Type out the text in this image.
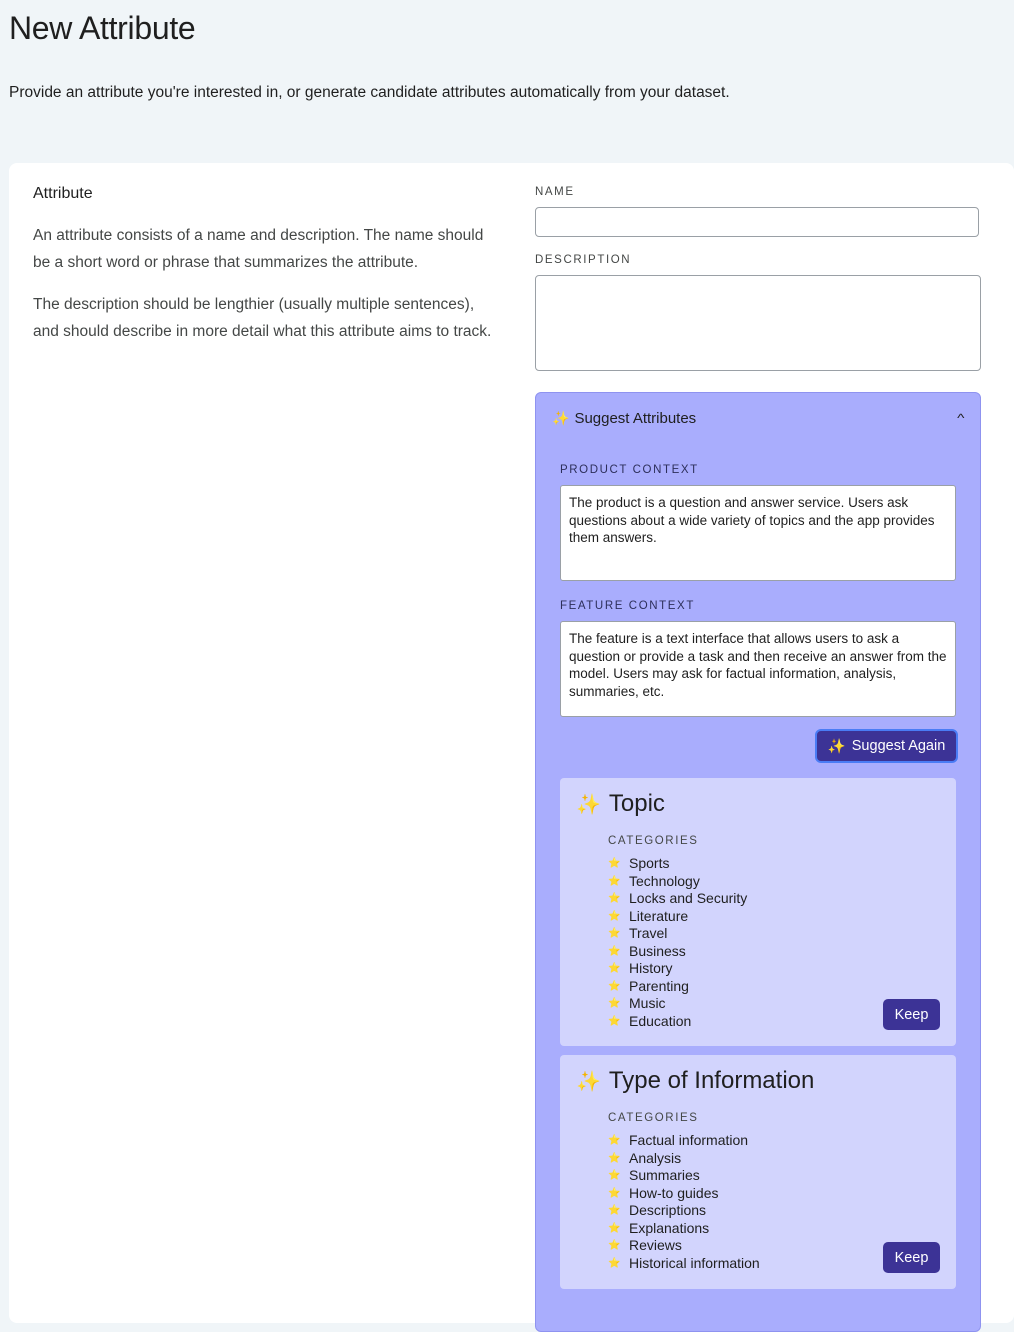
New Attribute

Provide an attribute you're interested in, or generate candidate attributes automatically from your dataset.

Attribute

An attribute consists of a name and description. The name should be a short word or phrase that summarizes the attribute.

The description should be lengthier (usually multiple sentences), and should describe in more detail what this attribute aims to track.

NAME
DESCRIPTION
✨ Suggest Attributes	^
PRODUCT CONTEXT
The product is a question and answer service. Users ask questions about a wide variety of topics and the app provides them answers.
FEATURE CONTEXT
The feature is a text interface that allows users to ask a question or provide a task and then receive an answer from the model. Users may ask for factual information, analysis, summaries, etc.
✨ Suggest Again
✨ Topic
CATEGORIES
⭐ Sports
⭐ Technology
⭐ Locks and Security
⭐ Literature
⭐ Travel
⭐ Business
⭐ History
⭐ Parenting
⭐ Music
⭐ Education	Keep
✨ Type of Information
CATEGORIES
⭐ Factual information
⭐ Analysis
⭐ Summaries
⭐ How-to guides
⭐ Descriptions
⭐ Explanations
⭐ Reviews
⭐ Historical information	Keep
